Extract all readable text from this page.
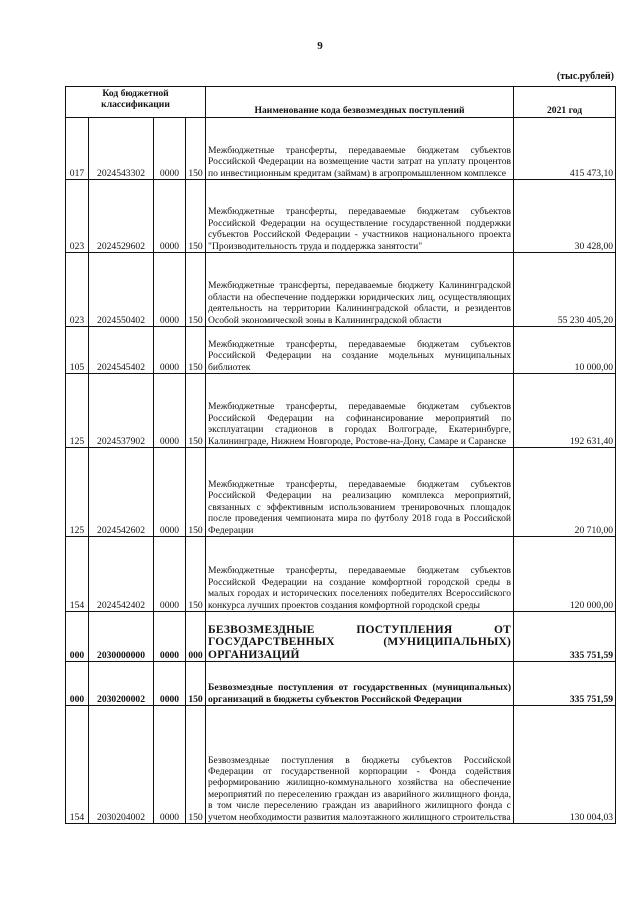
9
(тыс.рублей)
Код бюджетной классификации				Наименование кода безвозмездных поступлений	2021 год
017	2024543302	0000	150	Межбюджетные трансферты, передаваемые бюджетам субъектов Российской Федерации на возмещение части затрат на уплату процентов по инвестиционным кредитам (займам) в агропромышленном комплексе	415 473,10
023	2024529602	0000	150	Межбюджетные трансферты, передаваемые бюджетам субъектов Российской Федерации на осуществление государственной поддержки субъектов Российской Федерации - участников национального проекта "Производительность труда и поддержка занятости"	30 428,00
023	2024550402	0000	150	Межбюджетные трансферты, передаваемые бюджету Калининградской области на обеспечение поддержки юридических лиц, осуществляющих деятельность на территории Калининградской области, и резидентов Особой экономической зоны в Калининградской области	55 230 405,20
105	2024545402	0000	150	Межбюджетные трансферты, передаваемые бюджетам субъектов Российской Федерации на создание модельных муниципальных библиотек	10 000,00
125	2024537902	0000	150	Межбюджетные трансферты, передаваемые бюджетам субъектов Российской Федерации на софинансирование мероприятий по эксплуатации стадионов в городах Волгограде, Екатеринбурге, Калининграде, Нижнем Новгороде, Ростове-на-Дону, Самаре и Саранске	192 631,40
125	2024542602	0000	150	Межбюджетные трансферты, передаваемые бюджетам субъектов Российской Федерации на реализацию комплекса мероприятий, связанных с эффективным использованием тренировочных площадок после проведения чемпионата мира по футболу 2018 года в Российской Федерации	20 710,00
154	2024542402	0000	150	Межбюджетные трансферты, передаваемые бюджетам субъектов Российской Федерации на создание комфортной городской среды в малых городах и исторических поселениях победителях Всероссийского конкурса лучших проектов создания комфортной городской среды	120 000,00
000	2030000000	0000	000	БЕЗВОЗМЕЗДНЫЕ ПОСТУПЛЕНИЯ ОТ ГОСУДАРСТВЕННЫХ (МУНИЦИПАЛЬНЫХ) ОРГАНИЗАЦИЙ	335 751,59
000	2030200002	0000	150	Безвозмездные поступления от государственных (муниципальных) организаций в бюджеты субъектов Российской Федерации	335 751,59
154	2030204002	0000	150	Безвозмездные поступления в бюджеты субъектов Российской Федерации от государственной корпорации - Фонда содействия реформированию жилищно-коммунального хозяйства на обеспечение мероприятий по переселению граждан из аварийного жилищного фонда, в том числе переселению граждан из аварийного жилищного фонда с учетом необходимости развития малоэтажного жилищного строительства	130 004,03
